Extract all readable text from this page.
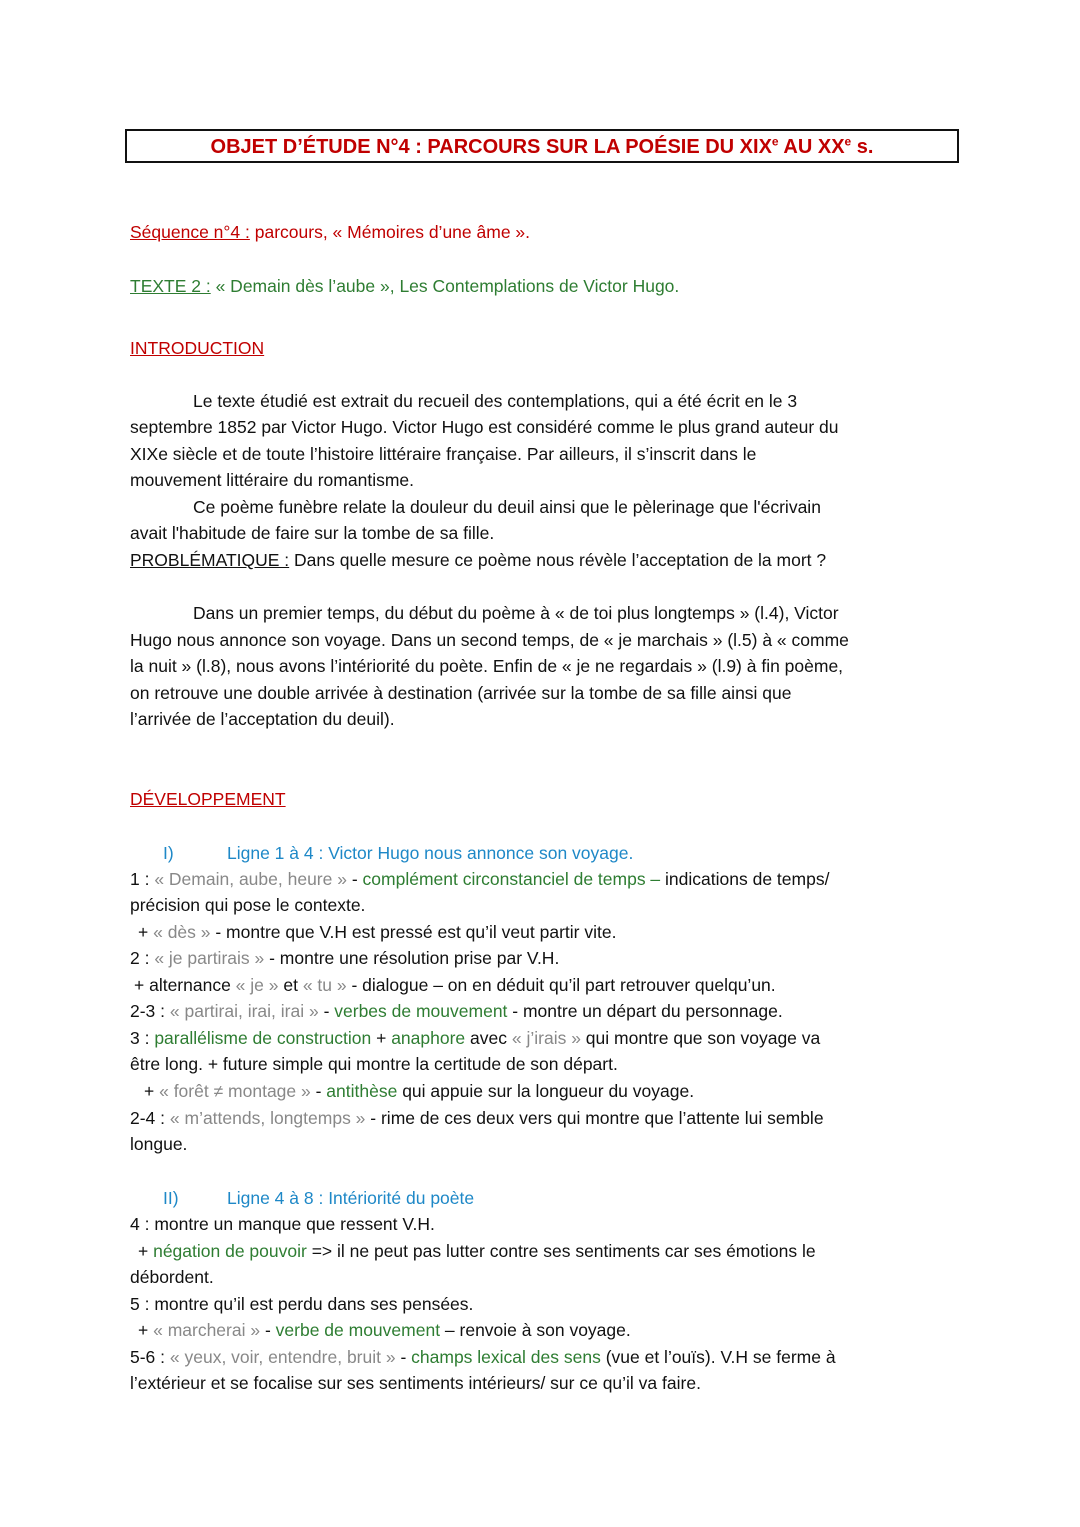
OBJET D’ÉTUDE N°4 : PARCOURS SUR LA POÉSIE DU XIXe AU XXe s.
Séquence n°4 : parcours, « Mémoires d’une âme ».
TEXTE 2 : « Demain dès l’aube », Les Contemplations de Victor Hugo.
INTRODUCTION
Le texte étudié est extrait du recueil des contemplations, qui a été écrit en le 3
septembre 1852 par Victor Hugo. Victor Hugo est considéré comme le plus grand auteur du
XIXe siècle et de toute l’histoire littéraire française. Par ailleurs, il s’inscrit dans le
mouvement littéraire du romantisme.
Ce poème funèbre relate la douleur du deuil ainsi que le pèlerinage que l'écrivain
avait l'habitude de faire sur la tombe de sa fille.
PROBLÉMATIQUE : Dans quelle mesure ce poème nous révèle l’acceptation de la mort ?
Dans un premier temps, du début du poème à « de toi plus longtemps » (l.4), Victor
Hugo nous annonce son voyage. Dans un second temps, de « je marchais » (l.5) à « comme
la nuit » (l.8), nous avons l’intériorité du poète. Enfin de « je ne regardais » (l.9) à fin poème,
on retrouve une double arrivée à destination (arrivée sur la tombe de sa fille ainsi que
l’arrivée de l’acceptation du deuil).
DÉVELOPPEMENT
I)	Ligne 1 à 4 : Victor Hugo nous annonce son voyage.
1 : « Demain, aube, heure » - complément circonstanciel de temps – indications de temps/
précision qui pose le contexte.
+ « dès » - montre que V.H est pressé est qu’il veut partir vite.
2 : « je partirais » - montre une résolution prise par V.H.
+ alternance « je » et « tu » - dialogue – on en déduit qu’il part retrouver quelqu’un.
2-3 : « partirai, irai, irai » - verbes de mouvement - montre un départ du personnage.
3 : parallélisme de construction + anaphore avec « j’irais » qui montre que son voyage va
être long. + future simple qui montre la certitude de son départ.
+ « forêt ≠ montage » - antithèse qui appuie sur la longueur du voyage.
2-4 : « m’attends, longtemps » - rime de ces deux vers qui montre que l’attente lui semble
longue.
II)	Ligne 4 à 8 : Intériorité du poète
4 : montre un manque que ressent V.H.
+ négation de pouvoir => il ne peut pas lutter contre ses sentiments car ses émotions le
débordent.
5 : montre qu’il est perdu dans ses pensées.
+ « marcherai » - verbe de mouvement – renvoie à son voyage.
5-6 : « yeux, voir, entendre, bruit » - champs lexical des sens (vue et l’ouïs). V.H se ferme à
l’extérieur et se focalise sur ses sentiments intérieurs/ sur ce qu’il va faire.
